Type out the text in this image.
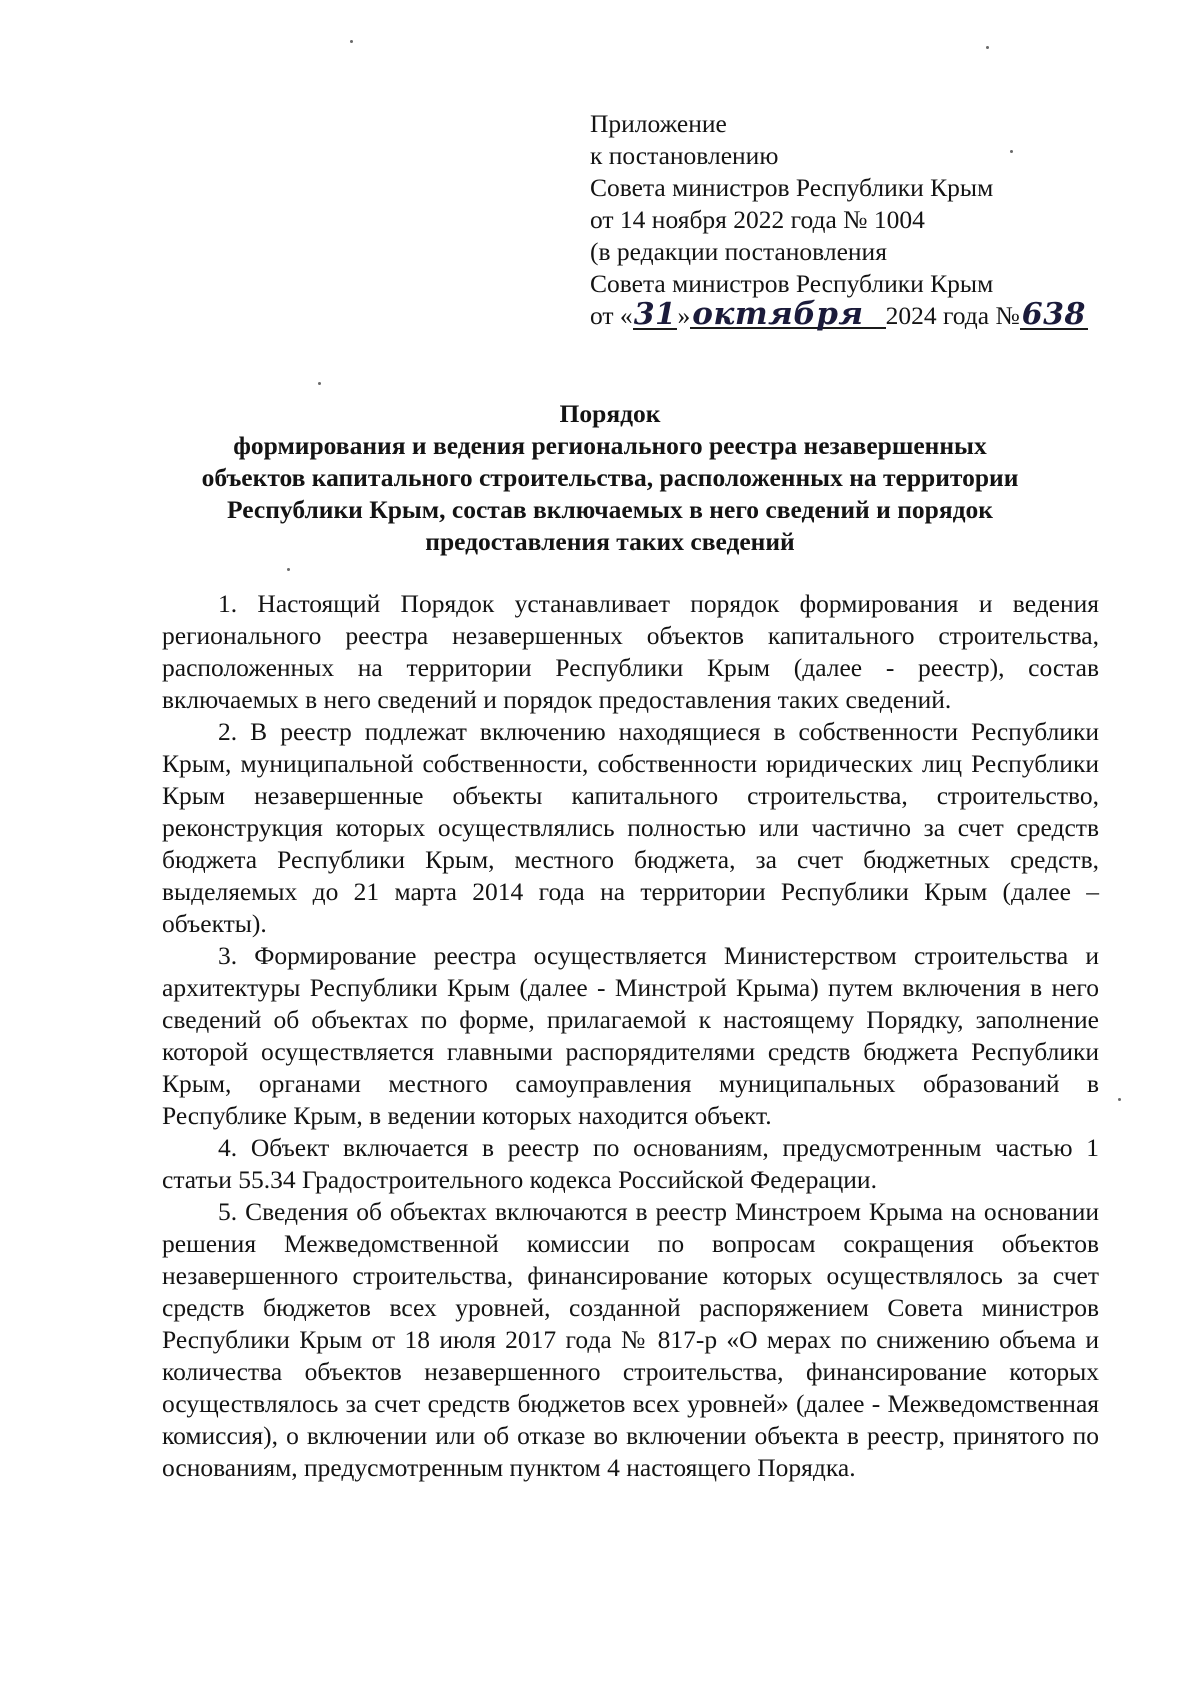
Приложение
к постановлению
Совета министров Республики Крым
от 14 ноября 2022 года № 1004
(в редакции постановления
Совета министров Республики Крым
от «31»октября 2024 года №638
Порядок
формирования и ведения регионального реестра незавершенных
объектов капитального строительства, расположенных на территории
Республики Крым, состав включаемых в него сведений и порядок
предоставления таких сведений

1. Настоящий Порядок устанавливает порядок формирования и ведения регионального реестра незавершенных объектов капитального строительства, расположенных на территории Республики Крым (далее - реестр), состав включаемых в него сведений и порядок предоставления таких сведений.

2. В реестр подлежат включению находящиеся в собственности Республики Крым, муниципальной собственности, собственности юридических лиц Республики Крым незавершенные объекты капитального строительства, строительство, реконструкция которых осуществлялись полностью или частично за счет средств бюджета Республики Крым, местного бюджета, за счет бюджетных средств, выделяемых до 21 марта 2014 года на территории Республики Крым (далее – объекты).

3. Формирование реестра осуществляется Министерством строительства и архитектуры Республики Крым (далее - Минстрой Крыма) путем включения в него сведений об объектах по форме, прилагаемой к настоящему Порядку, заполнение которой осуществляется главными распорядителями средств бюджета Республики Крым, органами местного самоуправления муниципальных образований в Республике Крым, в ведении которых находится объект.

4. Объект включается в реестр по основаниям, предусмотренным частью 1 статьи 55.34 Градостроительного кодекса Российской Федерации.

5. Сведения об объектах включаются в реестр Минстроем Крыма на основании решения Межведомственной комиссии по вопросам сокращения объектов незавершенного строительства, финансирование которых осуществлялось за счет средств бюджетов всех уровней, созданной распоряжением Совета министров Республики Крым от 18 июля 2017 года № 817-р «О мерах по снижению объема и количества объектов незавершенного строительства, финансирование которых осуществлялось за счет средств бюджетов всех уровней» (далее - Межведомственная комиссия), о включении или об отказе во включении объекта в реестр, принятого по основаниям, предусмотренным пунктом 4 настоящего Порядка.
